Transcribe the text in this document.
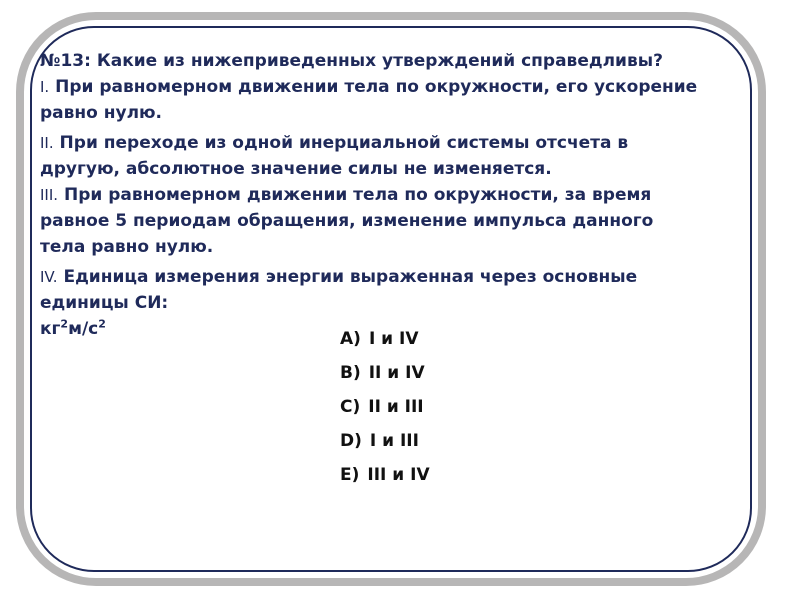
№13: Какие из нижеприведенных утверждений справедливы?
I. При равномерном движении тела по окружности, его ускорение
равно нулю.
II. При переходе из одной инерциальной системы отсчета в
другую, абсолютное значение силы не изменяется.
III. При равномерном движении тела по окружности, за время
равное 5 периодам обращения, изменение импульса данного
тела равно нулю.
IV. Единица измерения энергии выраженная через основные
единицы СИ:
$кг^2м/с^2$
A) I и IV
B) II и IV
C) II и III
D) I и III
E) III и IV
